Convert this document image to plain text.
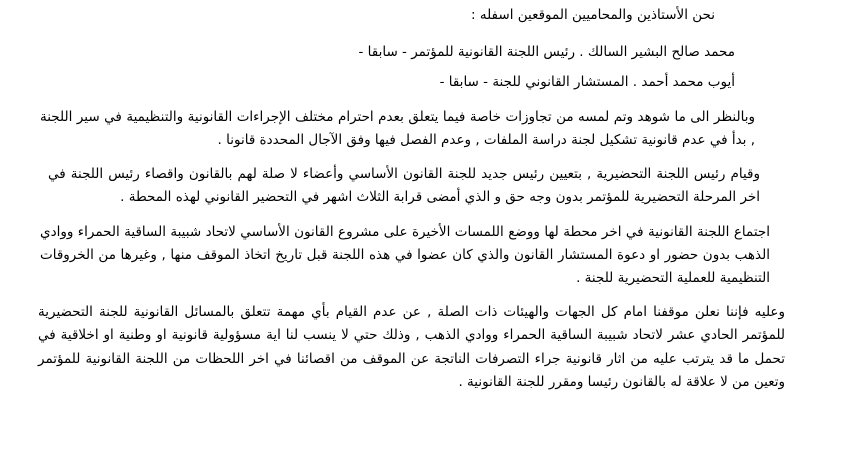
نحن الأستاذين والمحاميين الموقعين اسفله :

محمد صالح البشير السالك . رئيس اللجنة القانونية للمؤتمر - سابقا -

أيوب محمد أحمد . المستشار القانوني للجنة - سابقا -

وبالنظر الى ما شوهد وتم لمسه من تجاوزات خاصة فيما يتعلق بعدم احترام مختلف الإجراءات القانونية والتنظيمية في سير اللجنة , بدأ في عدم قانونية تشكيل لجنة دراسة الملفات , وعدم الفصل فيها وفق الآجال المحددة قانونا .

وقيام رئيس اللجنة التحضيرية , بتعيين رئيس جديد للجنة القانون الأساسي وأعضاء لا صلة لهم بالقانون واقصاء رئيس اللجنة في اخر المرحلة التحضيرية للمؤتمر بدون وجه حق و الذي أمضى قرابة الثلاث اشهر في التحضير القانوني لهذه المحطة .

اجتماع اللجنة القانونية في اخر محطة لها ووضع اللمسات الأخيرة على مشروع القانون الأساسي لاتحاد شبيبة الساقية الحمراء ووادي الذهب بدون حضور او دعوة المستشار القانون والذي كان عضوا في هذه اللجنة قبل تاريخ اتخاذ الموقف منها , وغيرها من الخروقات التنظيمية للعملية التحضيرية للجنة .

وعليه فإننا نعلن موقفنا امام كل الجهات والهيئات ذات الصلة , عن عدم القيام بأي مهمة تتعلق بالمسائل القانونية للجنة التحضيرية للمؤتمر الحادي عشر لاتحاد شبيبة الساقية الحمراء ووادي الذهب , وذلك حتي لا ينسب لنا اية مسؤولية قانونية او وطنية او اخلاقية في تحمل ما قد يترتب عليه من اثار قانونية جراء التصرفات الناتجة عن الموقف من اقصائنا في اخر اللحظات من اللجنة القانونية للمؤتمر وتعين من لا علاقة له بالقانون رئيسا ومقرر للجنة القانونية .
